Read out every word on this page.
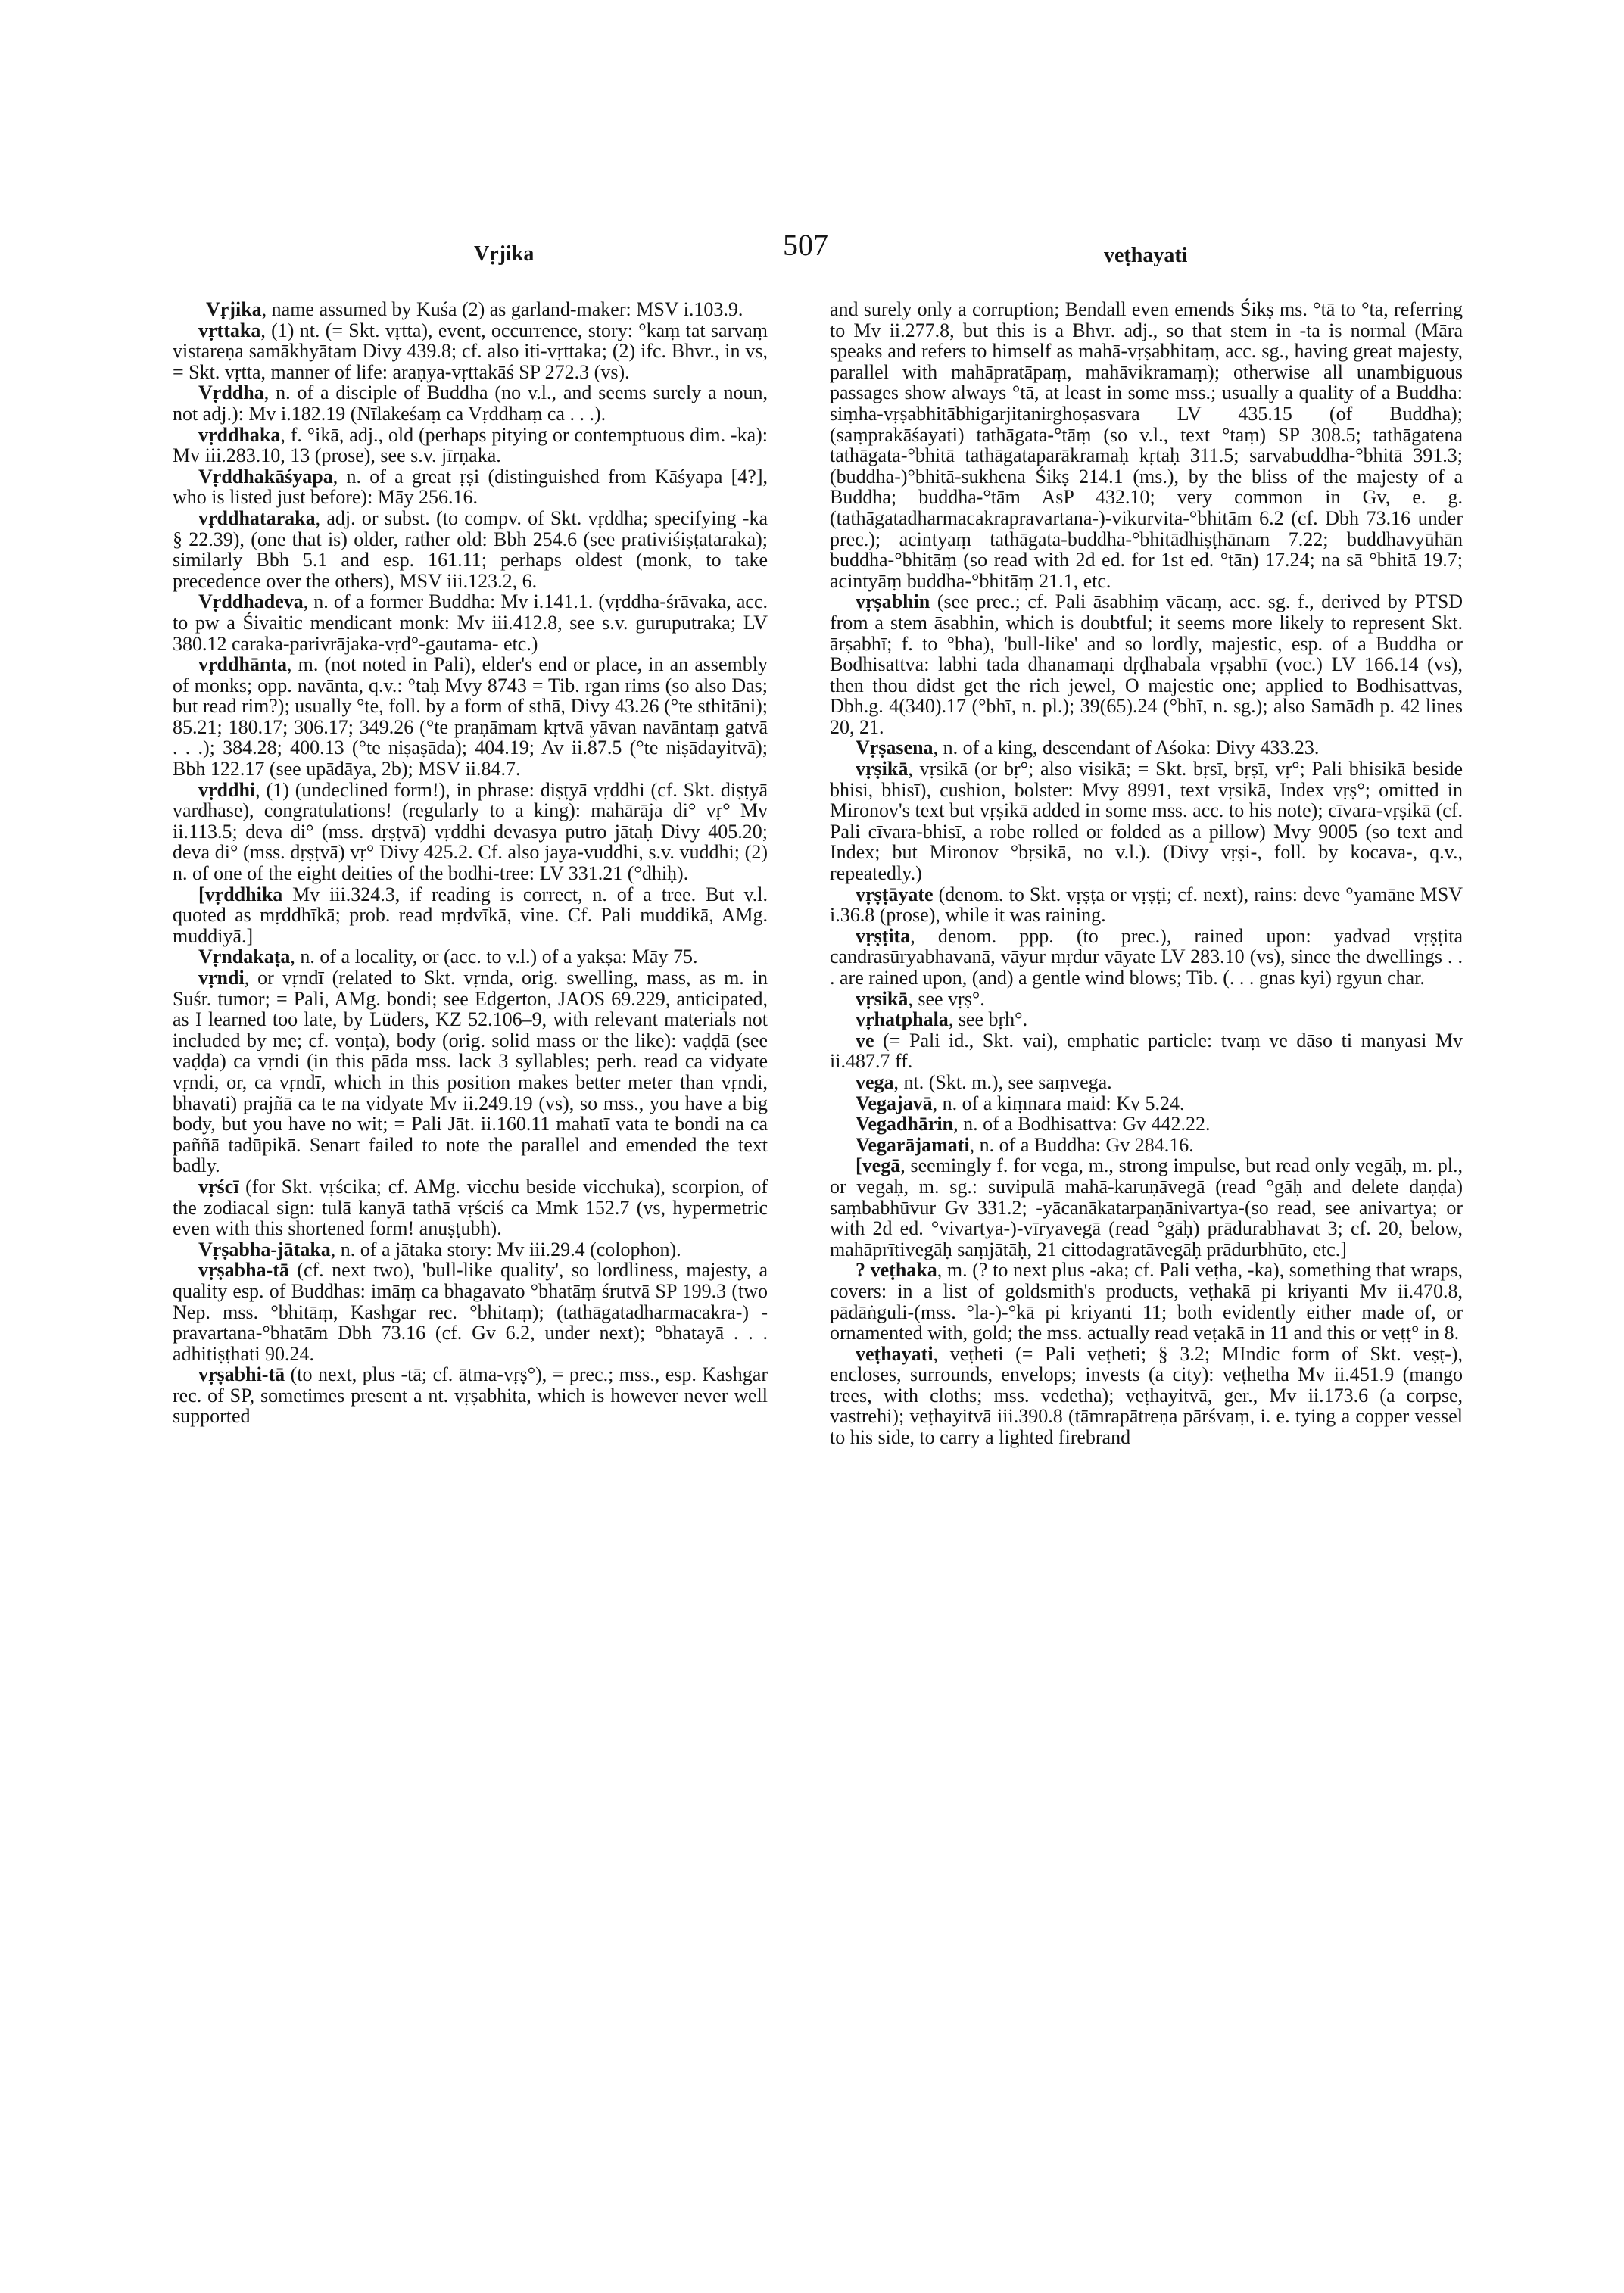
Vṛjika	507	veṭhayati

Vṛjika, name assumed by Kuśa (2) as garland-maker: MSV i.103.9.

vṛttaka, (1) nt. (= Skt. vṛtta), event, occurrence, story: °kaṃ tat sarvaṃ vistareṇa samākhyātam Divy 439.8; cf. also iti-vṛttaka; (2) ifc. Bhvr., in vs, = Skt. vṛtta, manner of life: araṇya-vṛttakāś SP 272.3 (vs).

Vṛddha, n. of a disciple of Buddha (no v.l., and seems surely a noun, not adj.): Mv i.182.19 (Nīlakeśaṃ ca Vṛddhaṃ ca . . .).

vṛddhaka, f. °ikā, adj., old (perhaps pitying or contemptuous dim. -ka): Mv iii.283.10, 13 (prose), see s.v. jīrṇaka.

Vṛddhakāśyapa, n. of a great ṛṣi (distinguished from Kāśyapa [4?], who is listed just before): Māy 256.16.

vṛddhataraka, adj. or subst. (to compv. of Skt. vṛddha; specifying -ka § 22.39), (one that is) older, rather old: Bbh 254.6 (see prativiśiṣṭataraka); similarly Bbh 5.1 and esp. 161.11; perhaps oldest (monk, to take precedence over the others), MSV iii.123.2, 6.

Vṛddhadeva, n. of a former Buddha: Mv i.141.1. (vṛddha-śrāvaka, acc. to pw a Śivaitic mendicant monk: Mv iii.412.8, see s.v. guruputraka; LV 380.12 caraka-parivrājaka-vṛd°-gautama- etc.)

vṛddhānta, m. (not noted in Pali), elder's end or place, in an assembly of monks; opp. navānta, q.v.: °taḥ Mvy 8743 = Tib. rgan rims (so also Das; but read rim?); usually °te, foll. by a form of sthā, Divy 43.26 (°te sthitāni); 85.21; 180.17; 306.17; 349.26 (°te praṇāmam kṛtvā yāvan navāntaṃ gatvā . . .); 384.28; 400.13 (°te niṣaṣāda); 404.19; Av ii.87.5 (°te niṣādayitvā); Bbh 122.17 (see upādāya, 2b); MSV ii.84.7.

vṛddhi, (1) (undeclined form!), in phrase: diṣṭyā vṛddhi (cf. Skt. diṣṭyā vardhase), congratulations! (regularly to a king): mahārāja di° vṛ° Mv ii.113.5; deva di° (mss. dṛṣṭvā) vṛddhi devasya putro jātaḥ Divy 405.20; deva di° (mss. dṛṣṭvā) vṛ° Divy 425.2. Cf. also jaya-vuddhi, s.v. vuddhi; (2) n. of one of the eight deities of the bodhi-tree: LV 331.21 (°dhiḥ).

[vṛddhika Mv iii.324.3, if reading is correct, n. of a tree. But v.l. quoted as mṛddhīkā; prob. read mṛdvīkā, vine. Cf. Pali muddikā, AMg. muddiyā.]

Vṛndakaṭa, n. of a locality, or (acc. to v.l.) of a yakṣa: Māy 75.

vṛndi, or vṛndī (related to Skt. vṛnda, orig. swelling, mass, as m. in Suśr. tumor; = Pali, AMg. bondi; see Edgerton, JAOS 69.229, anticipated, as I learned too late, by Lüders, KZ 52.106–9, with relevant materials not included by me; cf. vonṭa), body (orig. solid mass or the like): vaḍḍā (see vaḍḍa) ca vṛndi (in this pāda mss. lack 3 syllables; perh. read ca vidyate vṛndi, or, ca vṛndī, which in this position makes better meter than vṛndi, bhavati) prajñā ca te na vidyate Mv ii.249.19 (vs), so mss., you have a big body, but you have no wit; = Pali Jāt. ii.160.11 mahatī vata te bondi na ca paññā tadūpikā. Senart failed to note the parallel and emended the text badly.

vṛścī (for Skt. vṛścika; cf. AMg. vicchu beside vicchuka), scorpion, of the zodiacal sign: tulā kanyā tathā vṛściś ca Mmk 152.7 (vs, hypermetric even with this shortened form! anuṣṭubh).

Vṛṣabha-jātaka, n. of a jātaka story: Mv iii.29.4 (colophon).

vṛṣabha-tā (cf. next two), 'bull-like quality', so lordliness, majesty, a quality esp. of Buddhas: imāṃ ca bhagavato °bhatāṃ śrutvā SP 199.3 (two Nep. mss. °bhitāṃ, Kashgar rec. °bhitaṃ); (tathāgatadharmacakra-) -pravartana-°bhatām Dbh 73.16 (cf. Gv 6.2, under next); °bhatayā . . . adhitiṣṭhati 90.24.

vṛṣabhi-tā (to next, plus -tā; cf. ātma-vṛṣ°), = prec.; mss., esp. Kashgar rec. of SP, sometimes present a nt. vṛṣabhita, which is however never well supported

and surely only a corruption; Bendall even emends Śikṣ ms. °tā to °ta, referring to Mv ii.277.8, but this is a Bhvr. adj., so that stem in -ta is normal (Māra speaks and refers to himself as mahā-vṛṣabhitaṃ, acc. sg., having great majesty, parallel with mahāpratāpaṃ, mahāvikramaṃ); otherwise all unambiguous passages show always °tā, at least in some mss.; usually a quality of a Buddha: siṃha-vṛṣabhitābhigarjitanirghoṣasvara LV 435.15 (of Buddha); (saṃprakāśayati) tathāgata-°tāṃ (so v.l., text °taṃ) SP 308.5; tathāgatena tathāgata-°bhitā tathāgataparākramaḥ kṛtaḥ 311.5; sarvabuddha-°bhitā 391.3; (buddha-)°bhitā-sukhena Śikṣ 214.1 (ms.), by the bliss of the majesty of a Buddha; buddha-°tām AsP 432.10; very common in Gv, e. g. (tathāgatadharmacakrapravartana-)-vikurvita-°bhitām 6.2 (cf. Dbh 73.16 under prec.); acintyaṃ tathāgata-buddha-°bhitādhiṣṭhānam 7.22; buddhavyūhān buddha-°bhitāṃ (so read with 2d ed. for 1st ed. °tān) 17.24; na sā °bhitā 19.7; acintyāṃ buddha-°bhitāṃ 21.1, etc.

vṛṣabhin (see prec.; cf. Pali āsabhiṃ vācaṃ, acc. sg. f., derived by PTSD from a stem āsabhin, which is doubtful; it seems more likely to represent Skt. ārṣabhī; f. to °bha), 'bull-like' and so lordly, majestic, esp. of a Buddha or Bodhisattva: labhi tada dhanamaṇi dṛḍhabala vṛṣabhī (voc.) LV 166.14 (vs), then thou didst get the rich jewel, O majestic one; applied to Bodhisattvas, Dbh.g. 4(340).17 (°bhī, n. pl.); 39(65).24 (°bhī, n. sg.); also Samādh p. 42 lines 20, 21.

Vṛṣasena, n. of a king, descendant of Aśoka: Divy 433.23.

vṛṣikā, vṛsikā (or bṛ°; also visikā; = Skt. bṛsī, bṛṣī, vṛ°; Pali bhisikā beside bhisi, bhisī), cushion, bolster: Mvy 8991, text vṛsikā, Index vṛṣ°; omitted in Mironov's text but vṛṣikā added in some mss. acc. to his note); cīvara-vṛṣikā (cf. Pali cīvara-bhisī, a robe rolled or folded as a pillow) Mvy 9005 (so text and Index; but Mironov °bṛsikā, no v.l.). (Divy vṛṣi-, foll. by kocava-, q.v., repeatedly.)

vṛṣṭāyate (denom. to Skt. vṛṣṭa or vṛṣṭi; cf. next), rains: deve °yamāne MSV i.36.8 (prose), while it was raining.

vṛṣṭita, denom. ppp. (to prec.), rained upon: yadvad vṛṣṭita candrasūryabhavanā, vāyur mṛdur vāyate LV 283.10 (vs), since the dwellings . . . are rained upon, (and) a gentle wind blows; Tib. (. . . gnas kyi) rgyun char.

vṛsikā, see vṛṣ°.

vṛhatphala, see bṛh°.

ve (= Pali id., Skt. vai), emphatic particle: tvaṃ ve dāso ti manyasi Mv ii.487.7 ff.

vega, nt. (Skt. m.), see saṃvega.

Vegajavā, n. of a kiṃnara maid: Kv 5.24.

Vegadhārin, n. of a Bodhisattva: Gv 442.22.

Vegarājamati, n. of a Buddha: Gv 284.16.

[vegā, seemingly f. for vega, m., strong impulse, but read only vegāḥ, m. pl., or vegaḥ, m. sg.: suvipulā mahā-karuṇāvegā (read °gāḥ and delete daṇḍa) saṃbabhūvur Gv 331.2; -yācanākatarpaṇānivartya-(so read, see anivartya; or with 2d ed. °vivartya-)-vīryavegā (read °gāḥ) prādurabhavat 3; cf. 20, below, mahāprītivegāḥ saṃjātāḥ, 21 cittodagratāvegāḥ prādurbhūto, etc.]

? veṭhaka, m. (? to next plus -aka; cf. Pali veṭha, -ka), something that wraps, covers: in a list of goldsmith's products, veṭhakā pi kriyanti Mv ii.470.8, pādāṅguli-(mss. °la-)-°kā pi kriyanti 11; both evidently either made of, or ornamented with, gold; the mss. actually read veṭakā in 11 and this or veṭṭ° in 8.

veṭhayati, veṭheti (= Pali veṭheti; § 3.2; MIndic form of Skt. veṣṭ-), encloses, surrounds, envelops; invests (a city): veṭhetha Mv ii.451.9 (mango trees, with cloths; mss. vedetha); veṭhayitvā, ger., Mv ii.173.6 (a corpse, vastrehi); veṭhayitvā iii.390.8 (tāmrapātreṇa pārśvaṃ, i. e. tying a copper vessel to his side, to carry a lighted firebrand
